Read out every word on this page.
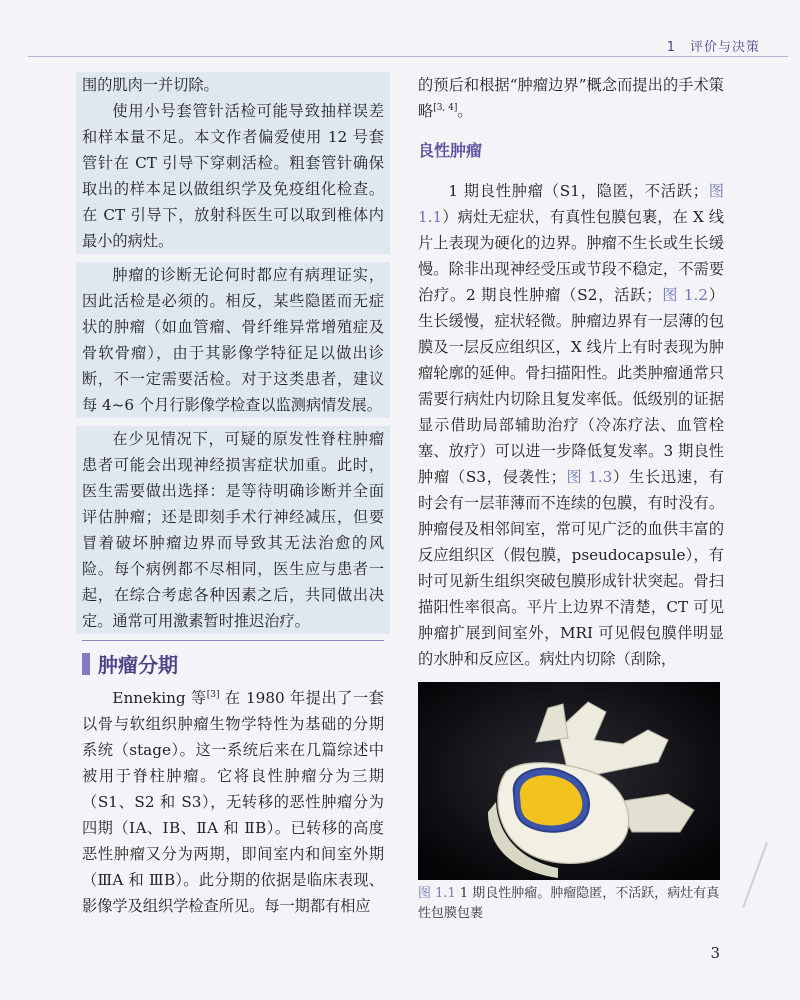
1　评价与决策

围的肌肉一并切除。

使用小号套管针活检可能导致抽样误差和样本量不足。本文作者偏爱使用 12 号套管针在 CT 引导下穿刺活检。粗套管针确保取出的样本足以做组织学及免疫组化检查。在 CT 引导下，放射科医生可以取到椎体内最小的病灶。

肿瘤的诊断无论何时都应有病理证实，因此活检是必须的。相反，某些隐匿而无症状的肿瘤（如血管瘤、骨纤维异常增殖症及骨软骨瘤），由于其影像学特征足以做出诊断，不一定需要活检。对于这类患者，建议每 4~6 个月行影像学检查以监测病情发展。

在少见情况下，可疑的原发性脊柱肿瘤患者可能会出现神经损害症状加重。此时，医生需要做出选择：是等待明确诊断并全面评估肿瘤；还是即刻手术行神经减压，但要冒着破坏肿瘤边界而导致其无法治愈的风险。每个病例都不尽相同，医生应与患者一起，在综合考虑各种因素之后，共同做出决定。通常可用激素暂时推迟治疗。

肿瘤分期

Enneking 等[3] 在 1980 年提出了一套以骨与软组织肿瘤生物学特性为基础的分期系统（stage）。这一系统后来在几篇综述中被用于脊柱肿瘤。它将良性肿瘤分为三期（S1、S2 和 S3），无转移的恶性肿瘤分为四期（ⅠA、ⅠB、ⅡA 和 ⅡB）。已转移的高度恶性肿瘤又分为两期，即间室内和间室外期（ⅢA 和 ⅢB）。此分期的依据是临床表现、影像学及组织学检查所见。每一期都有相应

的预后和根据“肿瘤边界”概念而提出的手术策略[3, 4]。

良性肿瘤

1 期良性肿瘤（S1，隐匿，不活跃；图 1.1）病灶无症状，有真性包膜包裹，在 X 线片上表现为硬化的边界。肿瘤不生长或生长缓慢。除非出现神经受压或节段不稳定，不需要治疗。2 期良性肿瘤（S2，活跃；图 1.2）生长缓慢，症状轻微。肿瘤边界有一层薄的包膜及一层反应组织区，X 线片上有时表现为肿瘤轮廓的延伸。骨扫描阳性。此类肿瘤通常只需要行病灶内切除且复发率低。低级别的证据显示借助局部辅助治疗（冷冻疗法、血管栓塞、放疗）可以进一步降低复发率。3 期良性肿瘤（S3，侵袭性；图 1.3）生长迅速，有时会有一层菲薄而不连续的包膜，有时没有。肿瘤侵及相邻间室，常可见广泛的血供丰富的反应组织区（假包膜，pseudocapsule），有时可见新生组织突破包膜形成针状突起。骨扫描阳性率很高。平片上边界不清楚，CT 可见肿瘤扩展到间室外，MRI 可见假包膜伴明显的水肿和反应区。病灶内切除（刮除，

图 1.1 1 期良性肿瘤。肿瘤隐匿，不活跃，病灶有真性包膜包裹
3
